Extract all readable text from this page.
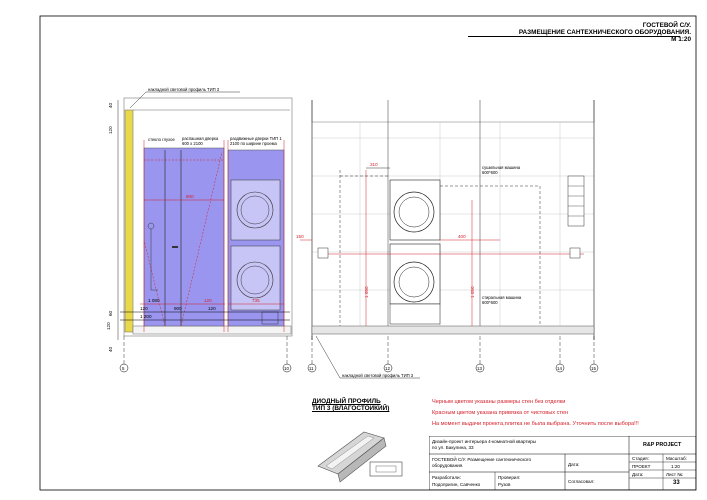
ГОСТЕВОЙ С/У.
РАЗМЕЩЕНИЕ САНТЕХНИЧЕСКОГО ОБОРУДОВАНИЯ.
М 1:20
800
1 080	120	735
120	900	120
1 200
120
40
60
120
40
5	10
накладной световой профиль ТИП 3
стекло глухое распашная дверка
600 х 2100
раздвижные дверки ТИП 1
2100 по ширине проема
310
150	400
1 050	1 050
11	12	13	14	15
сушильная машина
600*600
стиральная машина
600*600
накладной световой профиль ТИП 3
ДИОДНЫЙ ПРОФИЛЬ
ТИП 3 (ВЛАГОСТОЙКИЙ)
Черным цветом указаны размеры стен без отделки
Красным цветом указана привязка от чистовых стен
На момент выдачи проекта,плитка не была выбрана. Уточнить после выбора!!!
Дизайн-проект интерьера 4-комнатной квартиры
по ул. Бакулина, 33	R&P PROJECT
ГОСТЕВОЙ С/У. Размещение сантехнического
оборудования.	Дата:
Разработали:
Подопригин, Савченко
Проверил:
Рузов
Согласовал:
Стадия:	Масштаб:
ПРОЕКТ	1:20
Дата:	Лист №:
33
